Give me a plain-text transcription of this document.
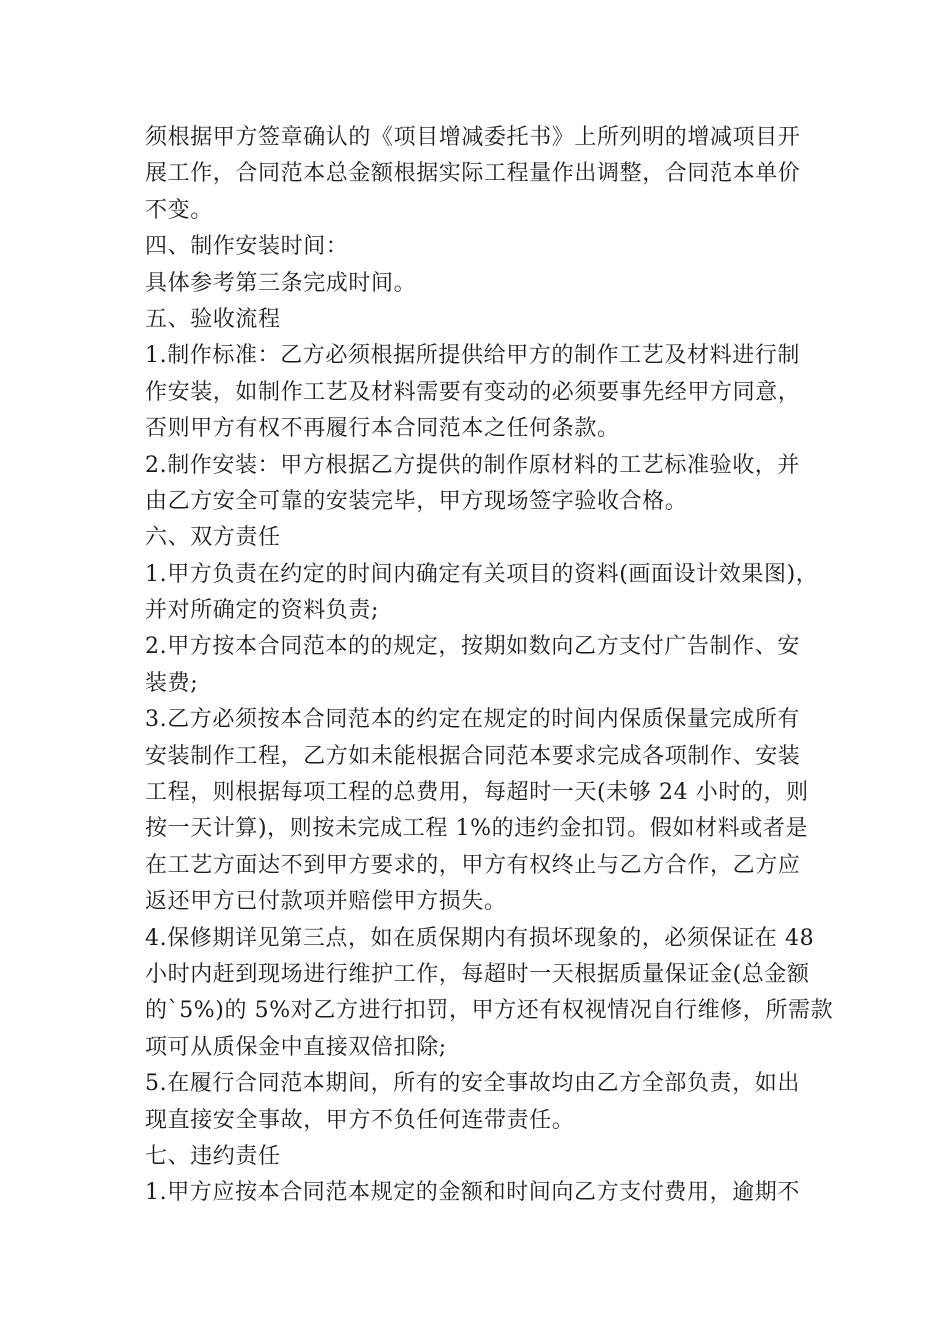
须根据甲方签章确认的《项目增减委托书》上所列明的增减项目开
展工作，合同范本总金额根据实际工程量作出调整，合同范本单价
不变。
四、制作安装时间：
具体参考第三条完成时间。
五、验收流程
1.制作标准：乙方必须根据所提供给甲方的制作工艺及材料进行制
作安装，如制作工艺及材料需要有变动的必须要事先经甲方同意，
否则甲方有权不再履行本合同范本之任何条款。
2.制作安装：甲方根据乙方提供的制作原材料的工艺标准验收，并
由乙方安全可靠的安装完毕，甲方现场签字验收合格。
六、双方责任
1.甲方负责在约定的时间内确定有关项目的资料(画面设计效果图)，
并对所确定的资料负责;
2.甲方按本合同范本的的规定，按期如数向乙方支付广告制作、安
装费;
3.乙方必须按本合同范本的约定在规定的时间内保质保量完成所有
安装制作工程，乙方如未能根据合同范本要求完成各项制作、安装
工程，则根据每项工程的总费用，每超时一天(未够 24 小时的，则
按一天计算)，则按未完成工程 1%的违约金扣罚。假如材料或者是
在工艺方面达不到甲方要求的，甲方有权终止与乙方合作，乙方应
返还甲方已付款项并赔偿甲方损失。
4.保修期详见第三点，如在质保期内有损坏现象的，必须保证在 48
小时内赶到现场进行维护工作，每超时一天根据质量保证金(总金额
的`5%)的 5%对乙方进行扣罚，甲方还有权视情况自行维修，所需款
项可从质保金中直接双倍扣除;
5.在履行合同范本期间，所有的安全事故均由乙方全部负责，如出
现直接安全事故，甲方不负任何连带责任。
七、违约责任
1.甲方应按本合同范本规定的金额和时间向乙方支付费用，逾期不
